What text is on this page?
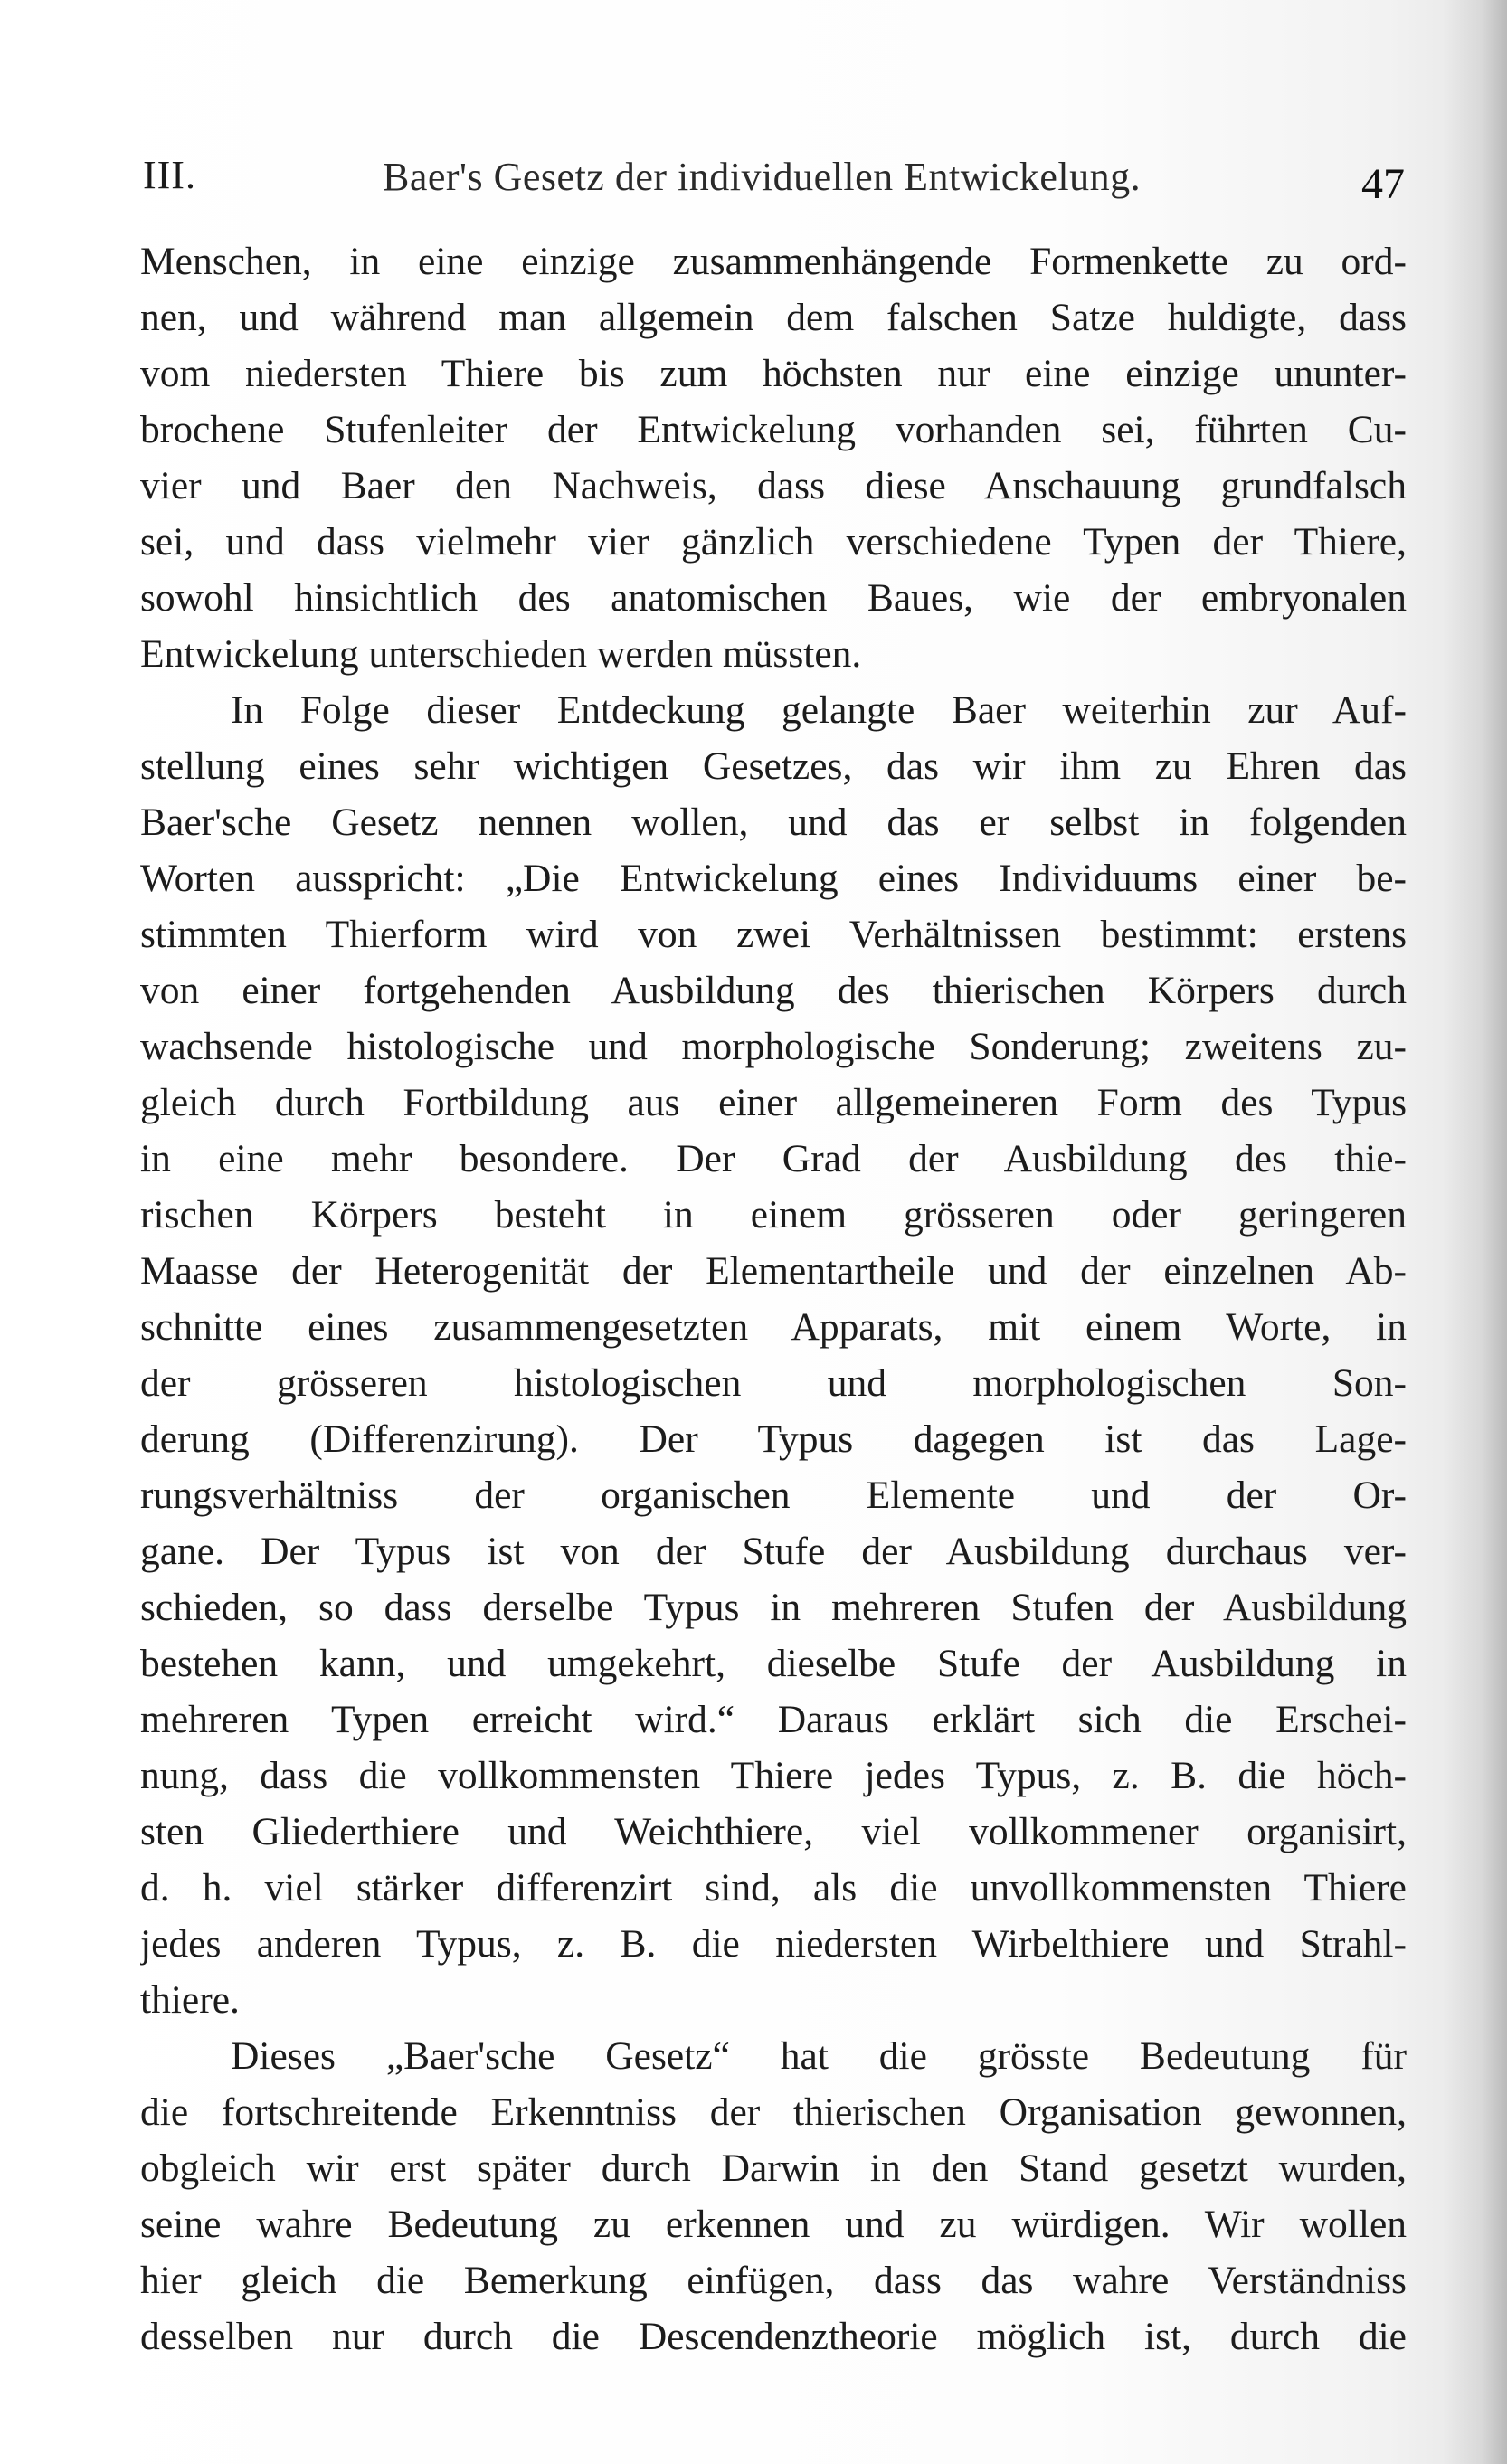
III.	Baer's Gesetz der individuellen Entwickelung.	47
Menschen, in eine einzige zusammenhängende Formenkette zu ord-
nen, und während man allgemein dem falschen Satze huldigte, dass
vom niedersten Thiere bis zum höchsten nur eine einzige ununter-
brochene Stufenleiter der Entwickelung vorhanden sei, führten Cu-
vier und Baer den Nachweis, dass diese Anschauung grundfalsch
sei, und dass vielmehr vier gänzlich verschiedene Typen der Thiere,
sowohl hinsichtlich des anatomischen Baues, wie der embryonalen
Entwickelung unterschieden werden müssten.
In Folge dieser Entdeckung gelangte Baer weiterhin zur Auf-
stellung eines sehr wichtigen Gesetzes, das wir ihm zu Ehren das
Baer'sche Gesetz nennen wollen, und das er selbst in folgenden
Worten ausspricht: „Die Entwickelung eines Individuums einer be-
stimmten Thierform wird von zwei Verhältnissen bestimmt: erstens
von einer fortgehenden Ausbildung des thierischen Körpers durch
wachsende histologische und morphologische Sonderung; zweitens zu-
gleich durch Fortbildung aus einer allgemeineren Form des Typus
in eine mehr besondere. Der Grad der Ausbildung des thie-
rischen Körpers besteht in einem grösseren oder geringeren
Maasse der Heterogenität der Elementartheile und der einzelnen Ab-
schnitte eines zusammengesetzten Apparats, mit einem Worte, in
der grösseren histologischen und morphologischen Son-
derung (Differenzirung). Der Typus dagegen ist das Lage-
rungsverhältniss der organischen Elemente und der Or-
gane. Der Typus ist von der Stufe der Ausbildung durchaus ver-
schieden, so dass derselbe Typus in mehreren Stufen der Ausbildung
bestehen kann, und umgekehrt, dieselbe Stufe der Ausbildung in
mehreren Typen erreicht wird.“ Daraus erklärt sich die Erschei-
nung, dass die vollkommensten Thiere jedes Typus, z. B. die höch-
sten Gliederthiere und Weichthiere, viel vollkommener organisirt,
d. h. viel stärker differenzirt sind, als die unvollkommensten Thiere
jedes anderen Typus, z. B. die niedersten Wirbelthiere und Strahl-
thiere.
Dieses „Baer'sche Gesetz“ hat die grösste Bedeutung für
die fortschreitende Erkenntniss der thierischen Organisation gewonnen,
obgleich wir erst später durch Darwin in den Stand gesetzt wurden,
seine wahre Bedeutung zu erkennen und zu würdigen. Wir wollen
hier gleich die Bemerkung einfügen, dass das wahre Verständniss
desselben nur durch die Descendenztheorie möglich ist, durch die
